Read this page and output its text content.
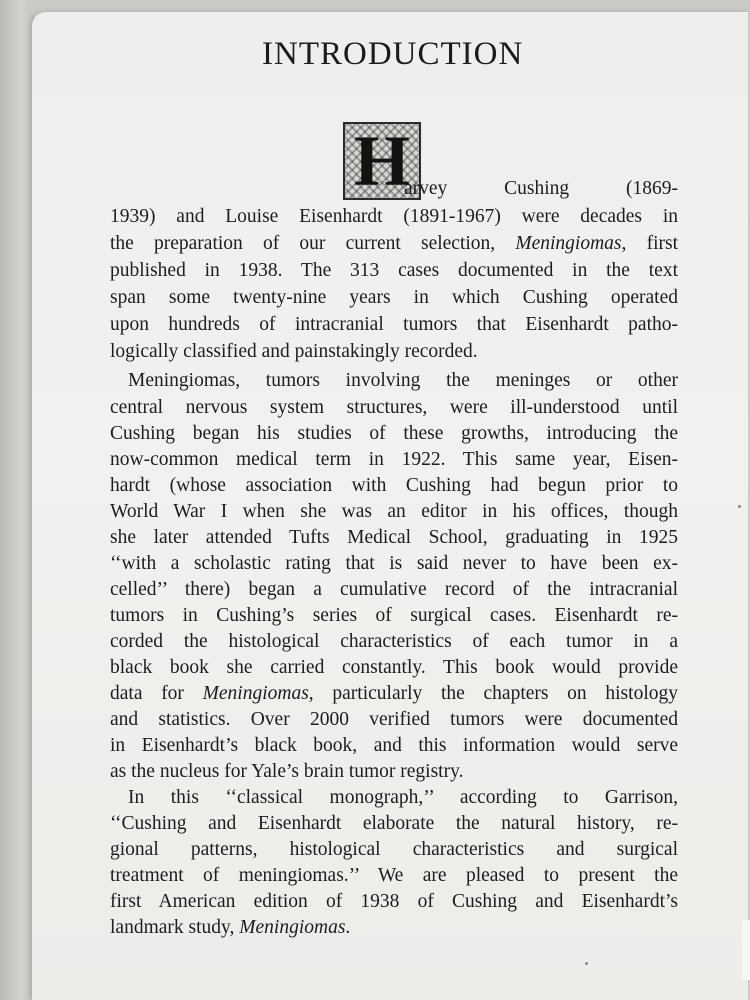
INTRODUCTION
H
arvey Cushing (1869-
1939) and Louise Eisenhardt (1891-1967) were decades in
the preparation of our current selection, Meningiomas, first
published in 1938. The 313 cases documented in the text
span some twenty-nine years in which Cushing operated
upon hundreds of intracranial tumors that Eisenhardt patho-
logically classified and painstakingly recorded.
Meningiomas, tumors involving the meninges or other
central nervous system structures, were ill-understood until
Cushing began his studies of these growths, introducing the
now-common medical term in 1922. This same year, Eisen-
hardt (whose association with Cushing had begun prior to
World War I when she was an editor in his offices, though
she later attended Tufts Medical School, graduating in 1925
‘‘with a scholastic rating that is said never to have been ex-
celled’’ there) began a cumulative record of the intracranial
tumors in Cushing’s series of surgical cases. Eisenhardt re-
corded the histological characteristics of each tumor in a
black book she carried constantly. This book would provide
data for Meningiomas, particularly the chapters on histology
and statistics. Over 2000 verified tumors were documented
in Eisenhardt’s black book, and this information would serve
as the nucleus for Yale’s brain tumor registry.
In this ‘‘classical monograph,’’ according to Garrison,
‘‘Cushing and Eisenhardt elaborate the natural history, re-
gional patterns, histological characteristics and surgical
treatment of meningiomas.’’ We are pleased to present the
first American edition of 1938 of Cushing and Eisenhardt’s
landmark study, Meningiomas.
